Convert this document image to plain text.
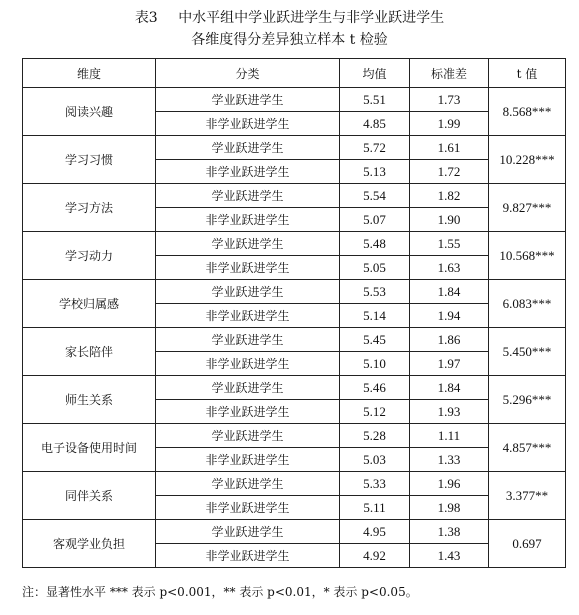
表3 中水平组中学业跃进学生与非学业跃进学生
各维度得分差异独立样本 t 检验
维度	分类	均值	标准差	t 值
阅读兴趣	学业跃进学生	5.51	1.73	8.568***
	非学业跃进学生	4.85	1.99	
学习习惯	学业跃进学生	5.72	1.61	10.228***
	非学业跃进学生	5.13	1.72	
学习方法	学业跃进学生	5.54	1.82	9.827***
	非学业跃进学生	5.07	1.90	
学习动力	学业跃进学生	5.48	1.55	10.568***
	非学业跃进学生	5.05	1.63	
学校归属感	学业跃进学生	5.53	1.84	6.083***
	非学业跃进学生	5.14	1.94	
家长陪伴	学业跃进学生	5.45	1.86	5.450***
	非学业跃进学生	5.10	1.97	
师生关系	学业跃进学生	5.46	1.84	5.296***
	非学业跃进学生	5.12	1.93	
电子设备使用时间	学业跃进学生	5.28	1.11	4.857***
	非学业跃进学生	5.03	1.33	
同伴关系	学业跃进学生	5.33	1.96	3.377**
	非学业跃进学生	5.11	1.98	
客观学业负担	学业跃进学生	4.95	1.38	0.697
	非学业跃进学生	4.92	1.43	
注：显著性水平 *** 表示 p<0.001，** 表示 p<0.01，* 表示 p<0.05。
